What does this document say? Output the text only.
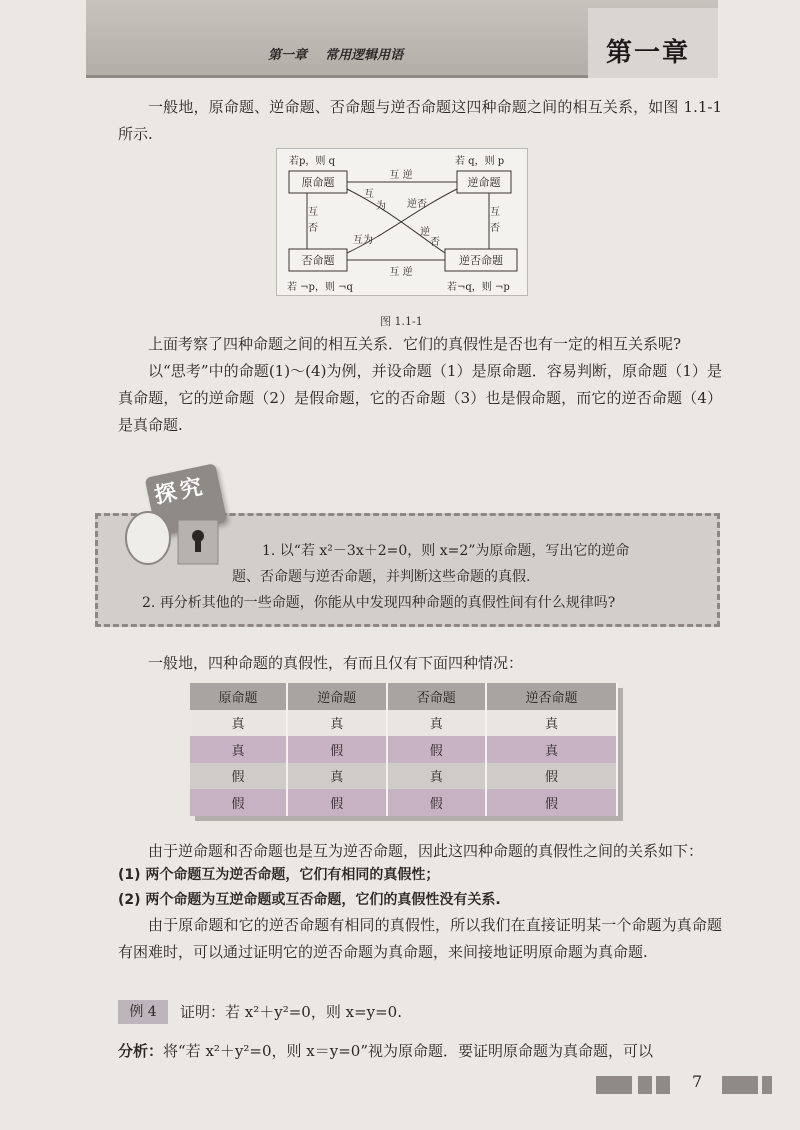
第一章    常用逻辑用语	第一章
一般地，原命题、逆命题、否命题与逆否命题这四种命题之间的相互关系，如图 1.1-1 所示.
若p，则 q	若 q，则 p
若 ¬p，则 ¬q	若¬q，则 ¬p
原命题	逆命题
否命题	逆否命题
互 逆
互 逆
互
否
互
否
互
为 逆否
互为
逆
否
图 1.1-1
上面考察了四种命题之间的相互关系．它们的真假性是否也有一定的相互关系呢?
以“思考”中的命题(1)～(4)为例，并设命题（1）是原命题．容易判断，原命题（1）是真命题，它的逆命题（2）是假命题，它的否命题（3）也是假命题，而它的逆否命题（4）是真命题.
探究
1. 以“若 x²－3x＋2=0，则 x=2”为原命题，写出它的逆命
题、否命题与逆否命题，并判断这些命题的真假.
2. 再分析其他的一些命题，你能从中发现四种命题的真假性间有什么规律吗?
一般地，四种命题的真假性，有而且仅有下面四种情况：
原命题	逆命题	否命题	逆否命题
真	真	真	真
真	假	假	真
假	真	真	假
假	假	假	假
由于逆命题和否命题也是互为逆否命题，因此这四种命题的真假性之间的关系如下：
(1) 两个命题互为逆否命题，它们有相同的真假性；
(2) 两个命题为互逆命题或互否命题，它们的真假性没有关系.
由于原命题和它的逆否命题有相同的真假性，所以我们在直接证明某一个命题为真命题有困难时，可以通过证明它的逆否命题为真命题，来间接地证明原命题为真命题.
例 4	证明：若 x²＋y²=0，则 x=y=0.
分析：将“若 x²＋y²=0，则 x＝y=0”视为原命题．要证明原命题为真命题，可以
7
